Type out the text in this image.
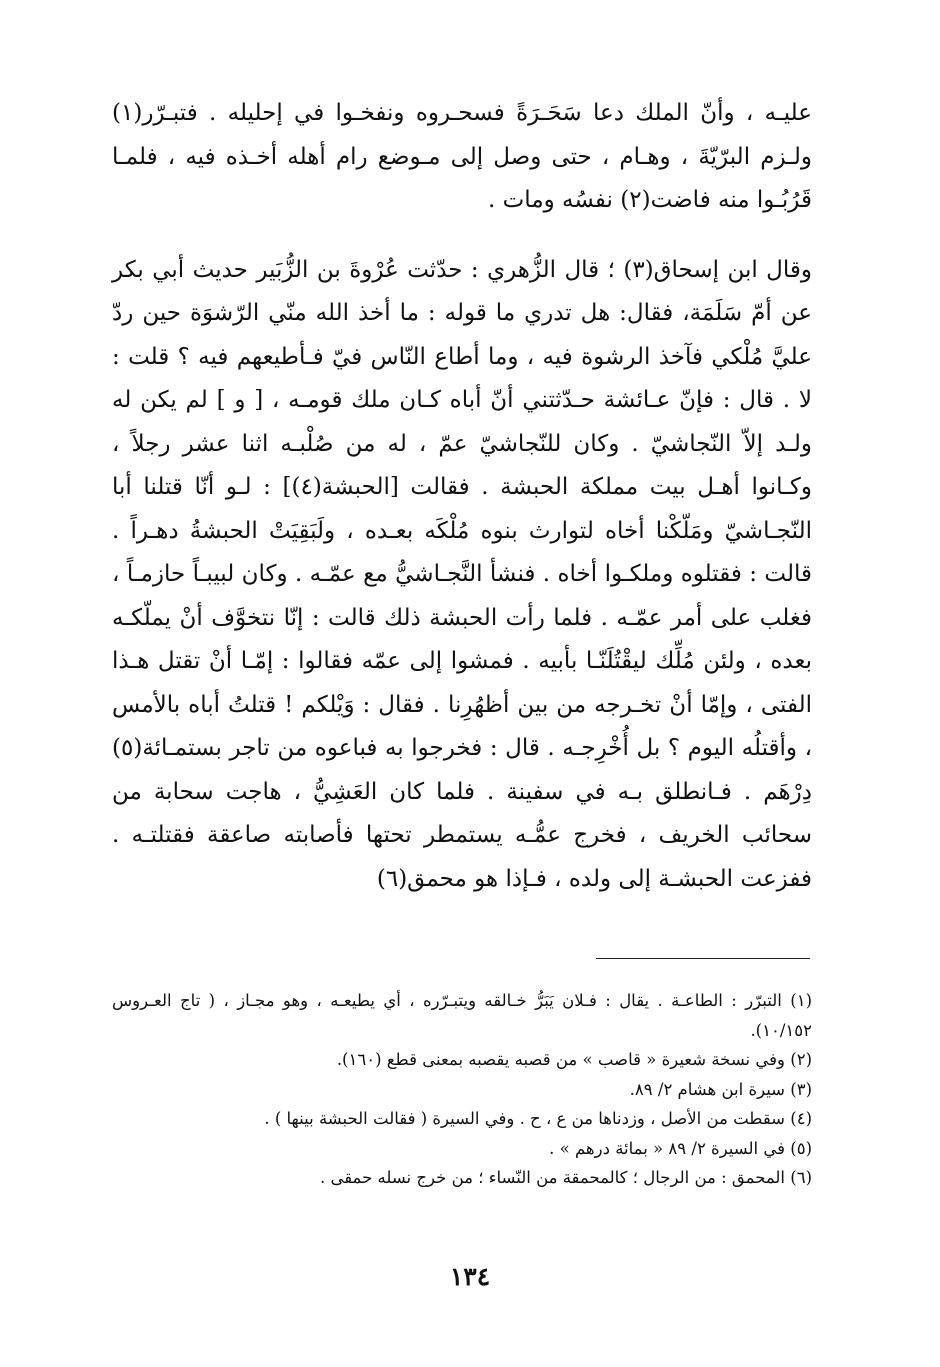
عليـه ، وأنّ الملك دعا سَحَـرَةً فسحـروه ونفخـوا في إحليله . فتبـرّر(١) ولـزم البرّيّةَ ، وهـام ، حتى وصل إلى مـوضع رام أهله أخـذه فيه ، فلمـا قَرُبُـوا منه فاضت(٢) نفسُه ومات .

وقال ابن إسحاق(٣) ؛ قال الزُّهري : حدّثت عُرْوةَ بن الزُّبَير حديث أبي بكر عن أمّ سَلَمَة، فقال: هل تدري ما قوله : ما أخذ الله منّي الرّشوَة حين ردّ عليَّ مُلْكي فآخذ الرشوة فيه ، وما أطاع النّاس فيّ فـأطيعهم فيه ؟ قلت : لا . قال : فإنّ عـائشة حـدّثتني أنّ أباه كـان ملك قومـه ، [ و ] لم يكن له ولـد إلاّ النّجاشيّ . وكان للنّجاشيّ عمّ ، له من صُلْبـه اثنا عشر رجلاً ، وكـانوا أهـل بيت مملكة الحبشة . فقالت [الحبشة(٤)] : لـو أنّا قتلنا أبا النّجـاشيّ ومَلّكْنا أخاه لتوارث بنوه مُلْكَه بعـده ، ولَبَقِيَتْ الحبشةُ دهـراً . قالت : فقتلوه وملكـوا أخاه . فنشأ النَّجـاشيُّ مع عمّـه . وكان لبيبـاً حازمـاً ، فغلب على أمر عمّـه . فلما رأت الحبشة ذلك قالت : إنّا نتخوَّف أنْ يملّكـه بعده ، ولئن مُلِّك ليقْتُلَنّـا بأبيه . فمشوا إلى عمّه فقالوا : إمّـا أنْ تقتل هـذا الفتى ، وإمّا أنْ تخـرجه من بين أظهُرِنا . فقال : وَيْلكم ! قتلتُ أباه بالأمس ، وأقتلُه اليوم ؟ بل أُخْرِجـه . قال : فخرجوا به فباعوه من تاجر بستمـائة(٥) دِرْهَم . فـانطلق بـه في سفينة . فلما كان العَشِيُّ ، هاجت سحابة من سحائب الخريف ، فخرج عمُّـه يستمطر تحتها فأصابته صاعقة فقتلتـه . ففزعت الحبشـة إلى ولده ، فـإذا هو محمق(٦)

(١) التبرّر : الطاعـة . يقال : فـلان يَبَرُّ خـالقه ويتبـرّره ، أي يطيعـه ، وهو مجـاز ، ( تاج العـروس ١٠/١٥٢).

(٢) وفي نسخة شعيرة « قاصب » من قصبه يقصبه بمعنى قطع (١٦٠).

(٣) سيرة ابن هشام ٢/ ٨٩.

(٤) سقطت من الأصل ، وزدناها من ع ، ح . وفي السيرة ( فقالت الحبشة بينها ) .

(٥) في السيرة ٢/ ٨٩ « بمائة درهم » .

(٦) المحمق : من الرجال ؛ كالمحمقة من النّساء ؛ من خرج نسله حمقى .

١٣٤
